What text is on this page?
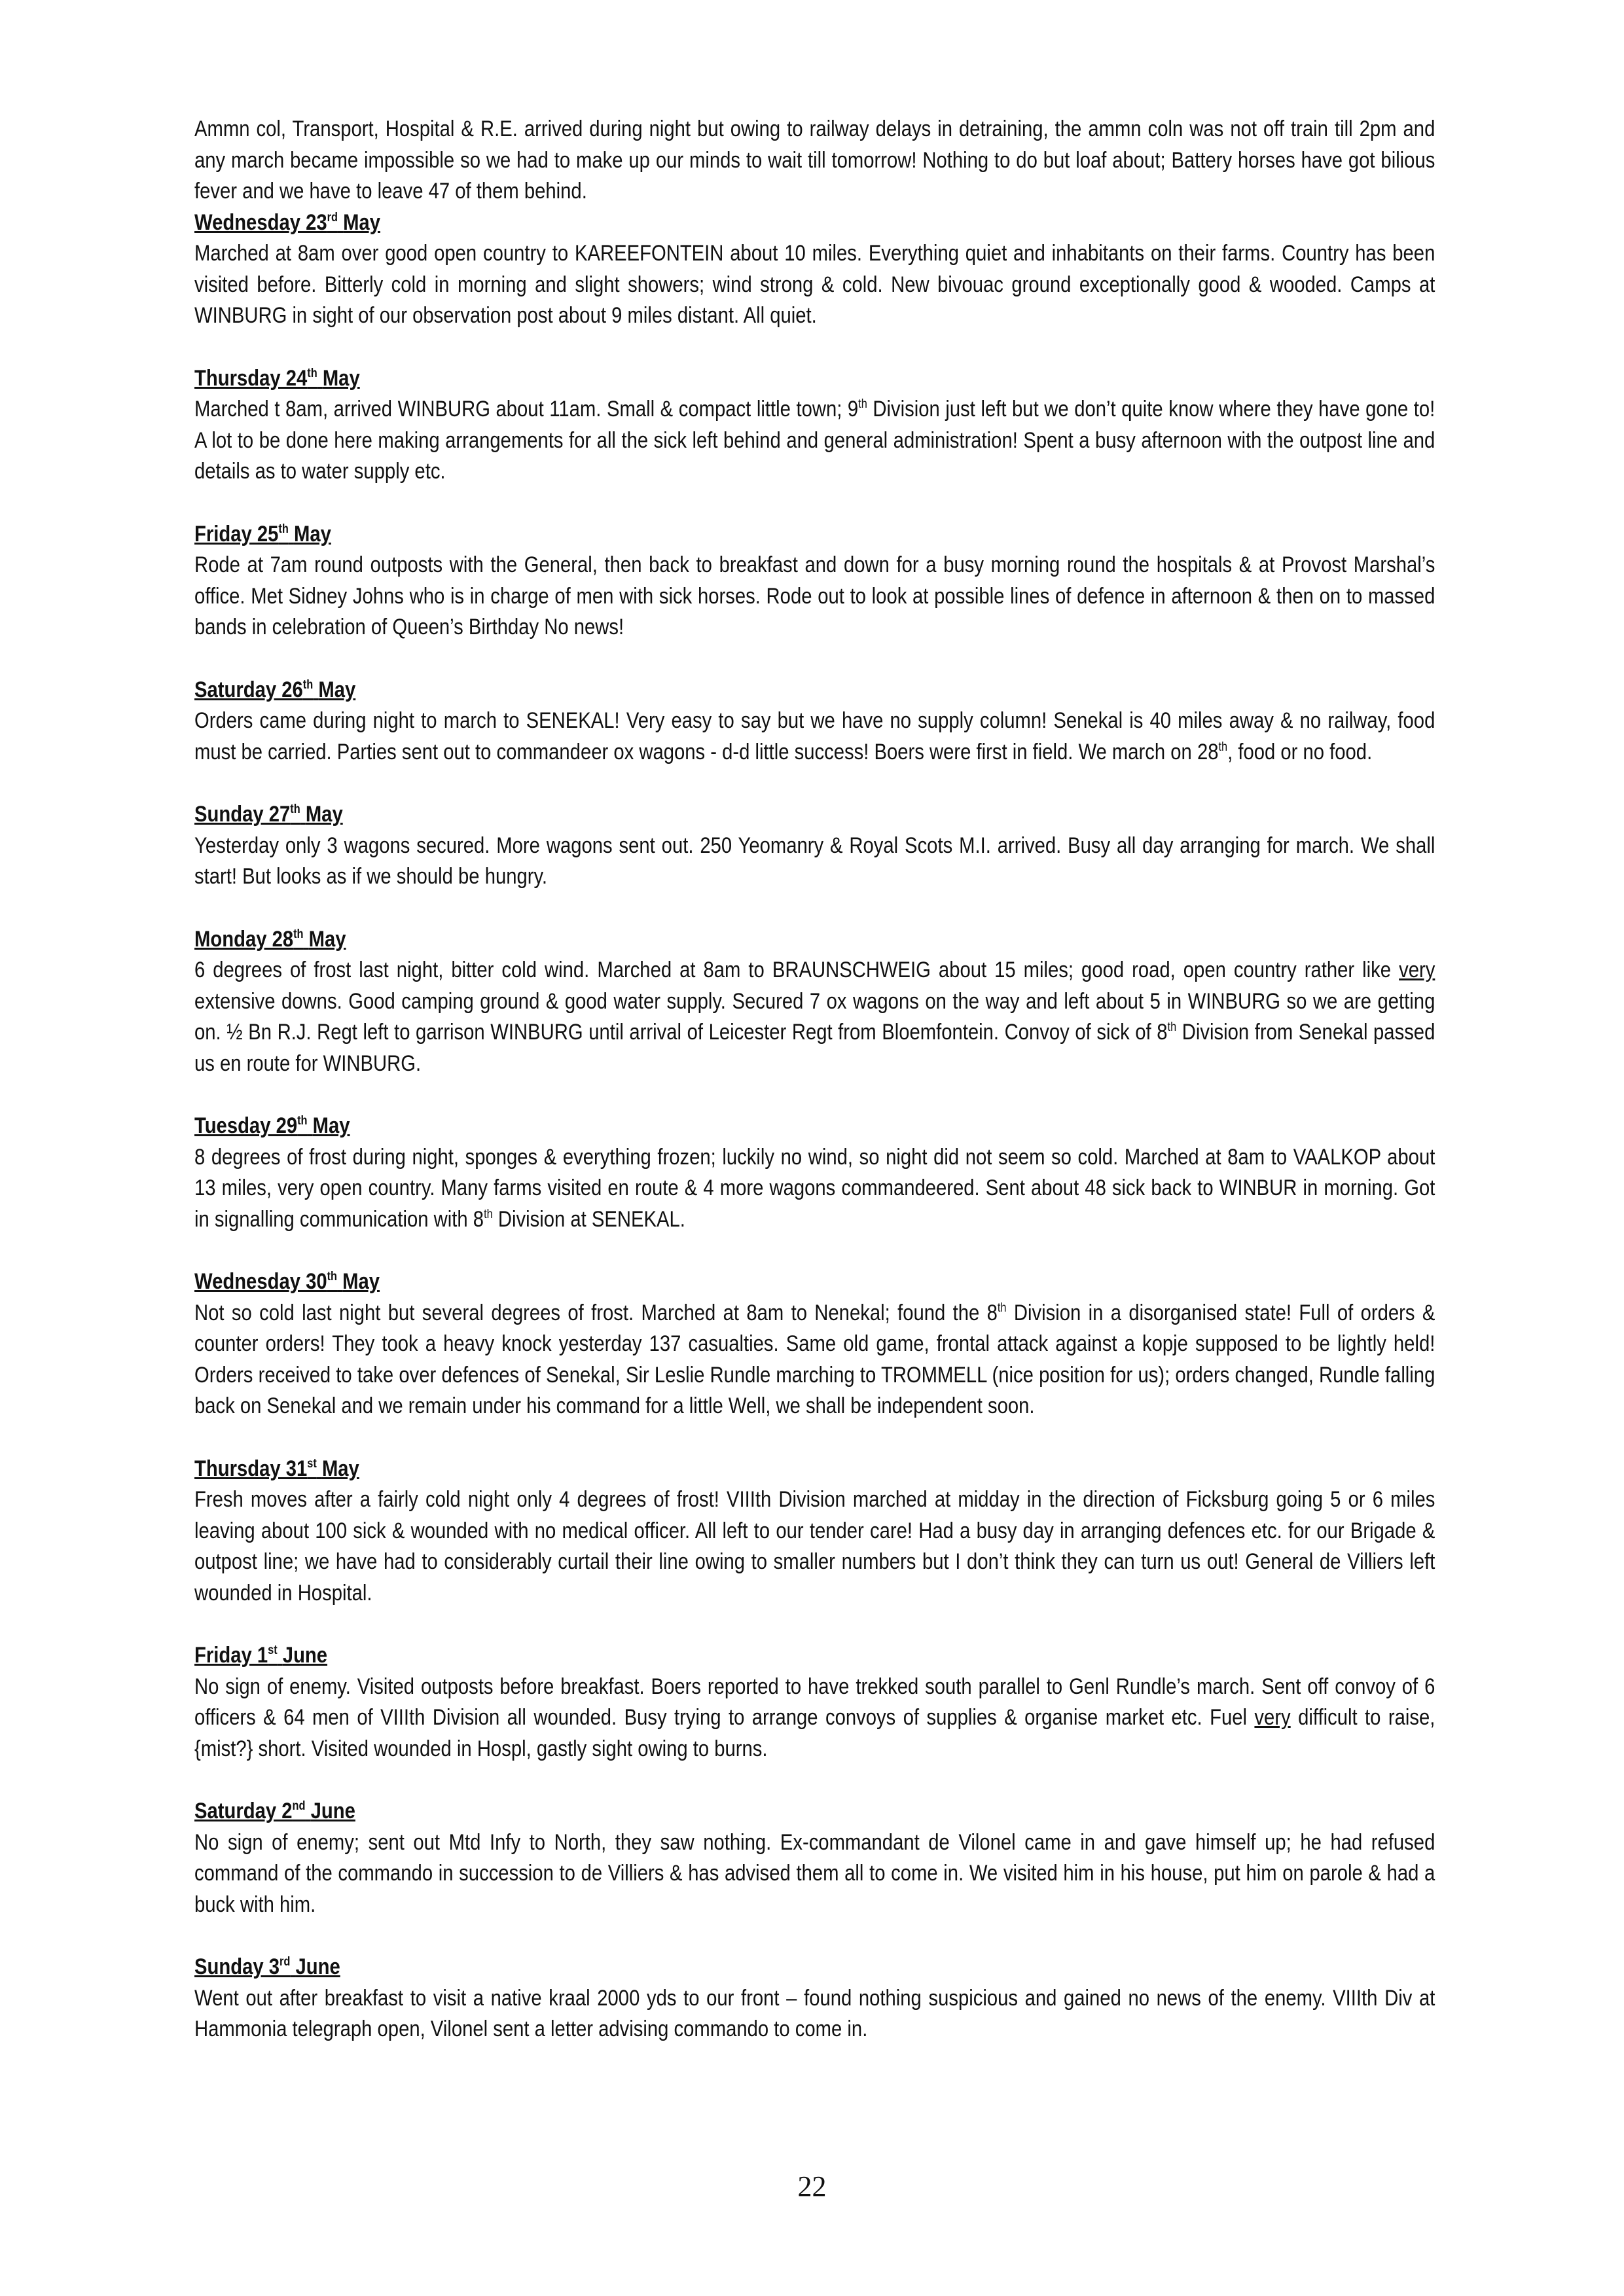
Ammn col, Transport, Hospital & R.E. arrived during night but owing to railway delays in detraining, the ammn coln was not off train till 2pm and any march became impossible so we had to make up our minds to wait till tomorrow! Nothing to do but loaf about; Battery horses have got bilious fever and we have to leave 47 of them behind.

Wednesday 23rd May

Marched at 8am over good open country to KAREEFONTEIN about 10 miles. Everything quiet and inhabitants on their farms. Country has been visited before. Bitterly cold in morning and slight showers; wind strong & cold. New bivouac ground exceptionally good & wooded. Camps at WINBURG in sight of our observation post about 9 miles distant. All quiet.

Thursday 24th May

Marched t 8am, arrived WINBURG about 11am. Small & compact little town; 9th Division just left but we don’t quite know where they have gone to! A lot to be done here making arrangements for all the sick left behind and general administration! Spent a busy afternoon with the outpost line and details as to water supply etc.

Friday 25th May

Rode at 7am round outposts with the General, then back to breakfast and down for a busy morning round the hospitals & at Provost Marshal’s office. Met Sidney Johns who is in charge of men with sick horses. Rode out to look at possible lines of defence in afternoon & then on to massed bands in celebration of Queen’s Birthday No news!

Saturday 26th May

Orders came during night to march to SENEKAL! Very easy to say but we have no supply column! Senekal is 40 miles away & no railway, food must be carried. Parties sent out to commandeer ox wagons - d-d little success! Boers were first in field. We march on 28th, food or no food.

Sunday 27th May

Yesterday only 3 wagons secured. More wagons sent out. 250 Yeomanry & Royal Scots M.I. arrived. Busy all day arranging for march. We shall start! But looks as if we should be hungry.

Monday 28th May

6 degrees of frost last night, bitter cold wind. Marched at 8am to BRAUNSCHWEIG about 15 miles; good road, open country rather like very extensive downs. Good camping ground & good water supply. Secured 7 ox wagons on the way and left about 5 in WINBURG so we are getting on. ½ Bn R.J. Regt left to garrison WINBURG until arrival of Leicester Regt from Bloemfontein. Convoy of sick of 8th Division from Senekal passed us en route for WINBURG.

Tuesday 29th May

8 degrees of frost during night, sponges & everything frozen; luckily no wind, so night did not seem so cold. Marched at 8am to VAALKOP about 13 miles, very open country. Many farms visited en route & 4 more wagons commandeered. Sent about 48 sick back to WINBUR in morning. Got in signalling communication with 8th Division at SENEKAL.

Wednesday 30th May

Not so cold last night but several degrees of frost. Marched at 8am to Nenekal; found the 8th Division in a disorganised state! Full of orders & counter orders! They took a heavy knock yesterday 137 casualties. Same old game, frontal attack against a kopje supposed to be lightly held! Orders received to take over defences of Senekal, Sir Leslie Rundle marching to TROMMELL (nice position for us); orders changed, Rundle falling back on Senekal and we remain under his command for a little Well, we shall be independent soon.

Thursday 31st May

Fresh moves after a fairly cold night only 4 degrees of frost! VIIIth Division marched at midday in the direction of Ficksburg going 5 or 6 miles leaving about 100 sick & wounded with no medical officer. All left to our tender care! Had a busy day in arranging defences etc. for our Brigade & outpost line; we have had to considerably curtail their line owing to smaller numbers but I don’t think they can turn us out! General de Villiers left wounded in Hospital.

Friday 1st June

No sign of enemy. Visited outposts before breakfast. Boers reported to have trekked south parallel to Genl Rundle’s march. Sent off convoy of 6 officers & 64 men of VIIIth Division all wounded. Busy trying to arrange convoys of supplies & organise market etc. Fuel very difficult to raise, {mist?} short. Visited wounded in Hospl, gastly sight owing to burns.

Saturday 2nd June

No sign of enemy; sent out Mtd Infy to North, they saw nothing. Ex-commandant de Vilonel came in and gave himself up; he had refused command of the commando in succession to de Villiers & has advised them all to come in. We visited him in his house, put him on parole & had a buck with him.

Sunday 3rd June

Went out after breakfast to visit a native kraal 2000 yds to our front – found nothing suspicious and gained no news of the enemy. VIIIth Div at Hammonia telegraph open, Vilonel sent a letter advising commando to come in.

22
